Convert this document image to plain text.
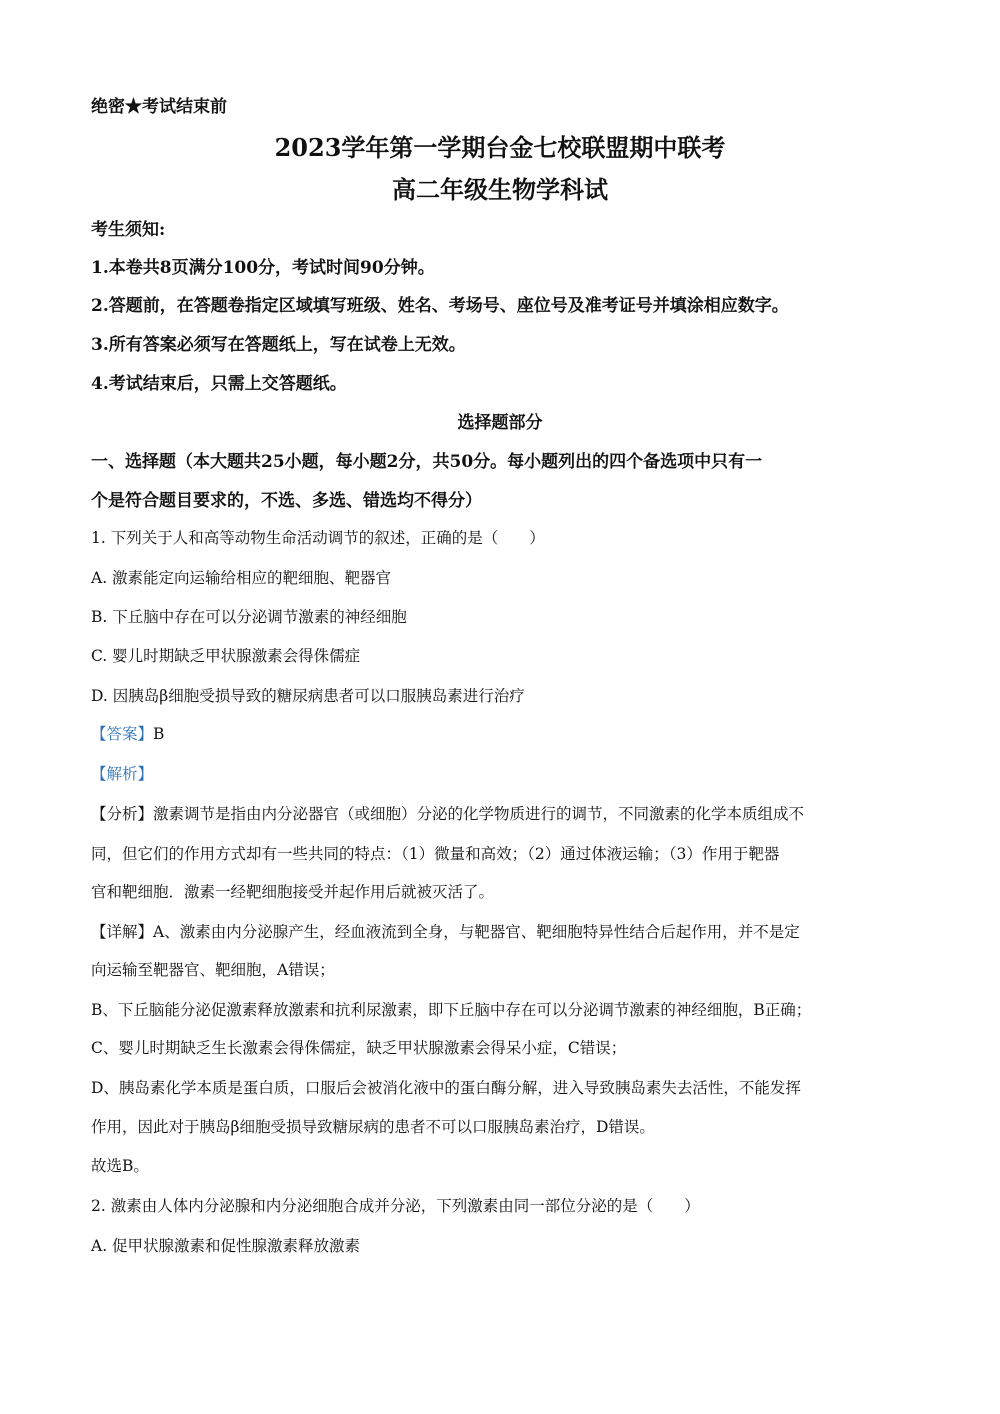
绝密★考试结束前
2023学年第一学期台金七校联盟期中联考
高二年级生物学科试
考生须知:
1.本卷共8页满分100分，考试时间90分钟。
2.答题前，在答题卷指定区域填写班级、姓名、考场号、座位号及准考证号并填涂相应数字。
3.所有答案必须写在答题纸上，写在试卷上无效。
4.考试结束后，只需上交答题纸。
选择题部分
一、选择题（本大题共25小题，每小题2分，共50分。每小题列出的四个备选项中只有一
个是符合题目要求的，不选、多选、错选均不得分）
1. 下列关于人和高等动物生命活动调节的叙述，正确的是（　　）
A. 激素能定向运输给相应的靶细胞、靶器官
B. 下丘脑中存在可以分泌调节激素的神经细胞
C. 婴儿时期缺乏甲状腺激素会得侏儒症
D. 因胰岛β细胞受损导致的糖尿病患者可以口服胰岛素进行治疗
【答案】B
【解析】
【分析】激素调节是指由内分泌器官（或细胞）分泌的化学物质进行的调节，不同激素的化学本质组成不
同，但它们的作用方式却有一些共同的特点：（1）微量和高效；（2）通过体液运输；（3）作用于靶器
官和靶细胞．激素一经靶细胞接受并起作用后就被灭活了。
【详解】A、激素由内分泌腺产生，经血液流到全身，与靶器官、靶细胞特异性结合后起作用，并不是定
向运输至靶器官、靶细胞，A错误；
B、下丘脑能分泌促激素释放激素和抗利尿激素，即下丘脑中存在可以分泌调节激素的神经细胞，B正确；
C、婴儿时期缺乏生长激素会得侏儒症，缺乏甲状腺激素会得呆小症，C错误；
D、胰岛素化学本质是蛋白质，口服后会被消化液中的蛋白酶分解，进入导致胰岛素失去活性，不能发挥
作用，因此对于胰岛β细胞受损导致糖尿病的患者不可以口服胰岛素治疗，D错误。
故选B。
2. 激素由人体内分泌腺和内分泌细胞合成并分泌，下列激素由同一部位分泌的是（　　）
A. 促甲状腺激素和促性腺激素释放激素
